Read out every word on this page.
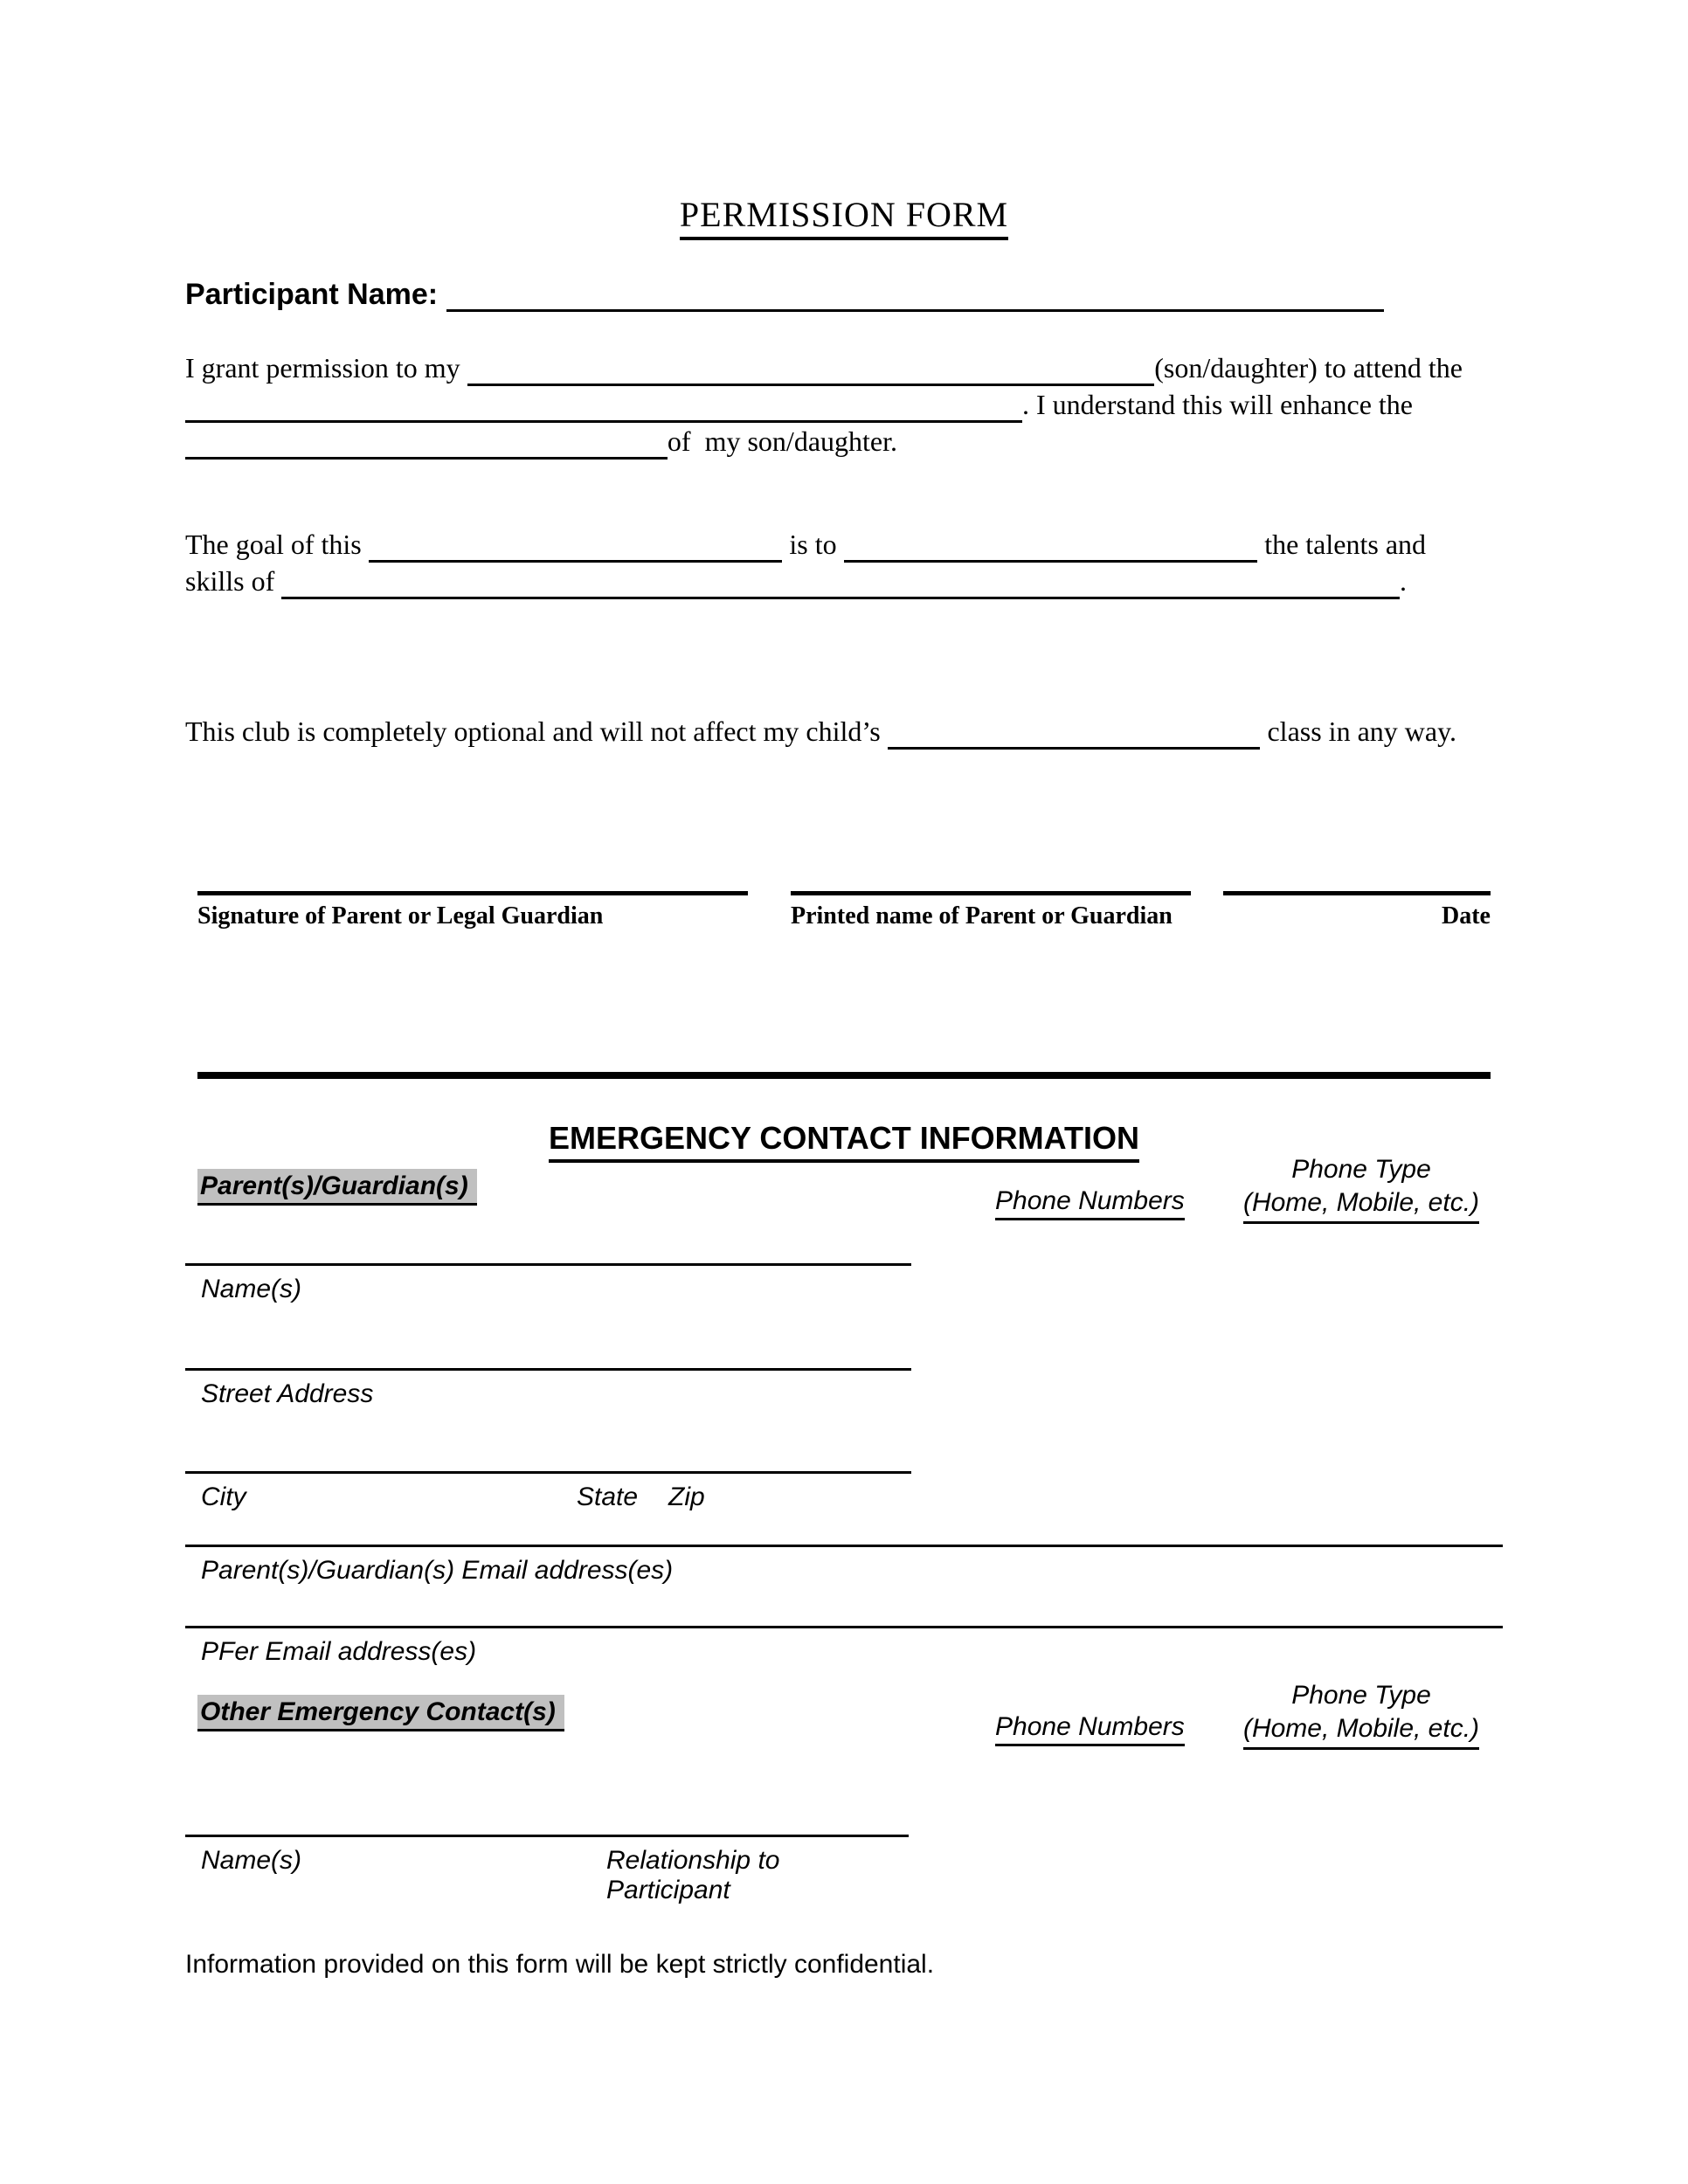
PERMISSION FORM
Participant Name:
I grant permission to my	(son/daughter) to attend the
. I understand this will enhance the
of  my son/daughter.
The goal of this	is to	the talents and
skills of	.
This club is completely optional and will not affect my child’s	class in any way.
Signature of Parent or Legal Guardian	Printed name of Parent or Guardian	Date
EMERGENCY CONTACT INFORMATION
Parent(s)/Guardian(s)
Phone Numbers
Phone Type
(Home, Mobile, etc.)
Name(s)
Street Address
City	State Zip
Parent(s)/Guardian(s) Email address(es)
PFer Email address(es)
Other Emergency Contact(s)
Phone Numbers
Phone Type
(Home, Mobile, etc.)
Name(s)	Relationship to Participant
Information provided on this form will be kept strictly confidential.
